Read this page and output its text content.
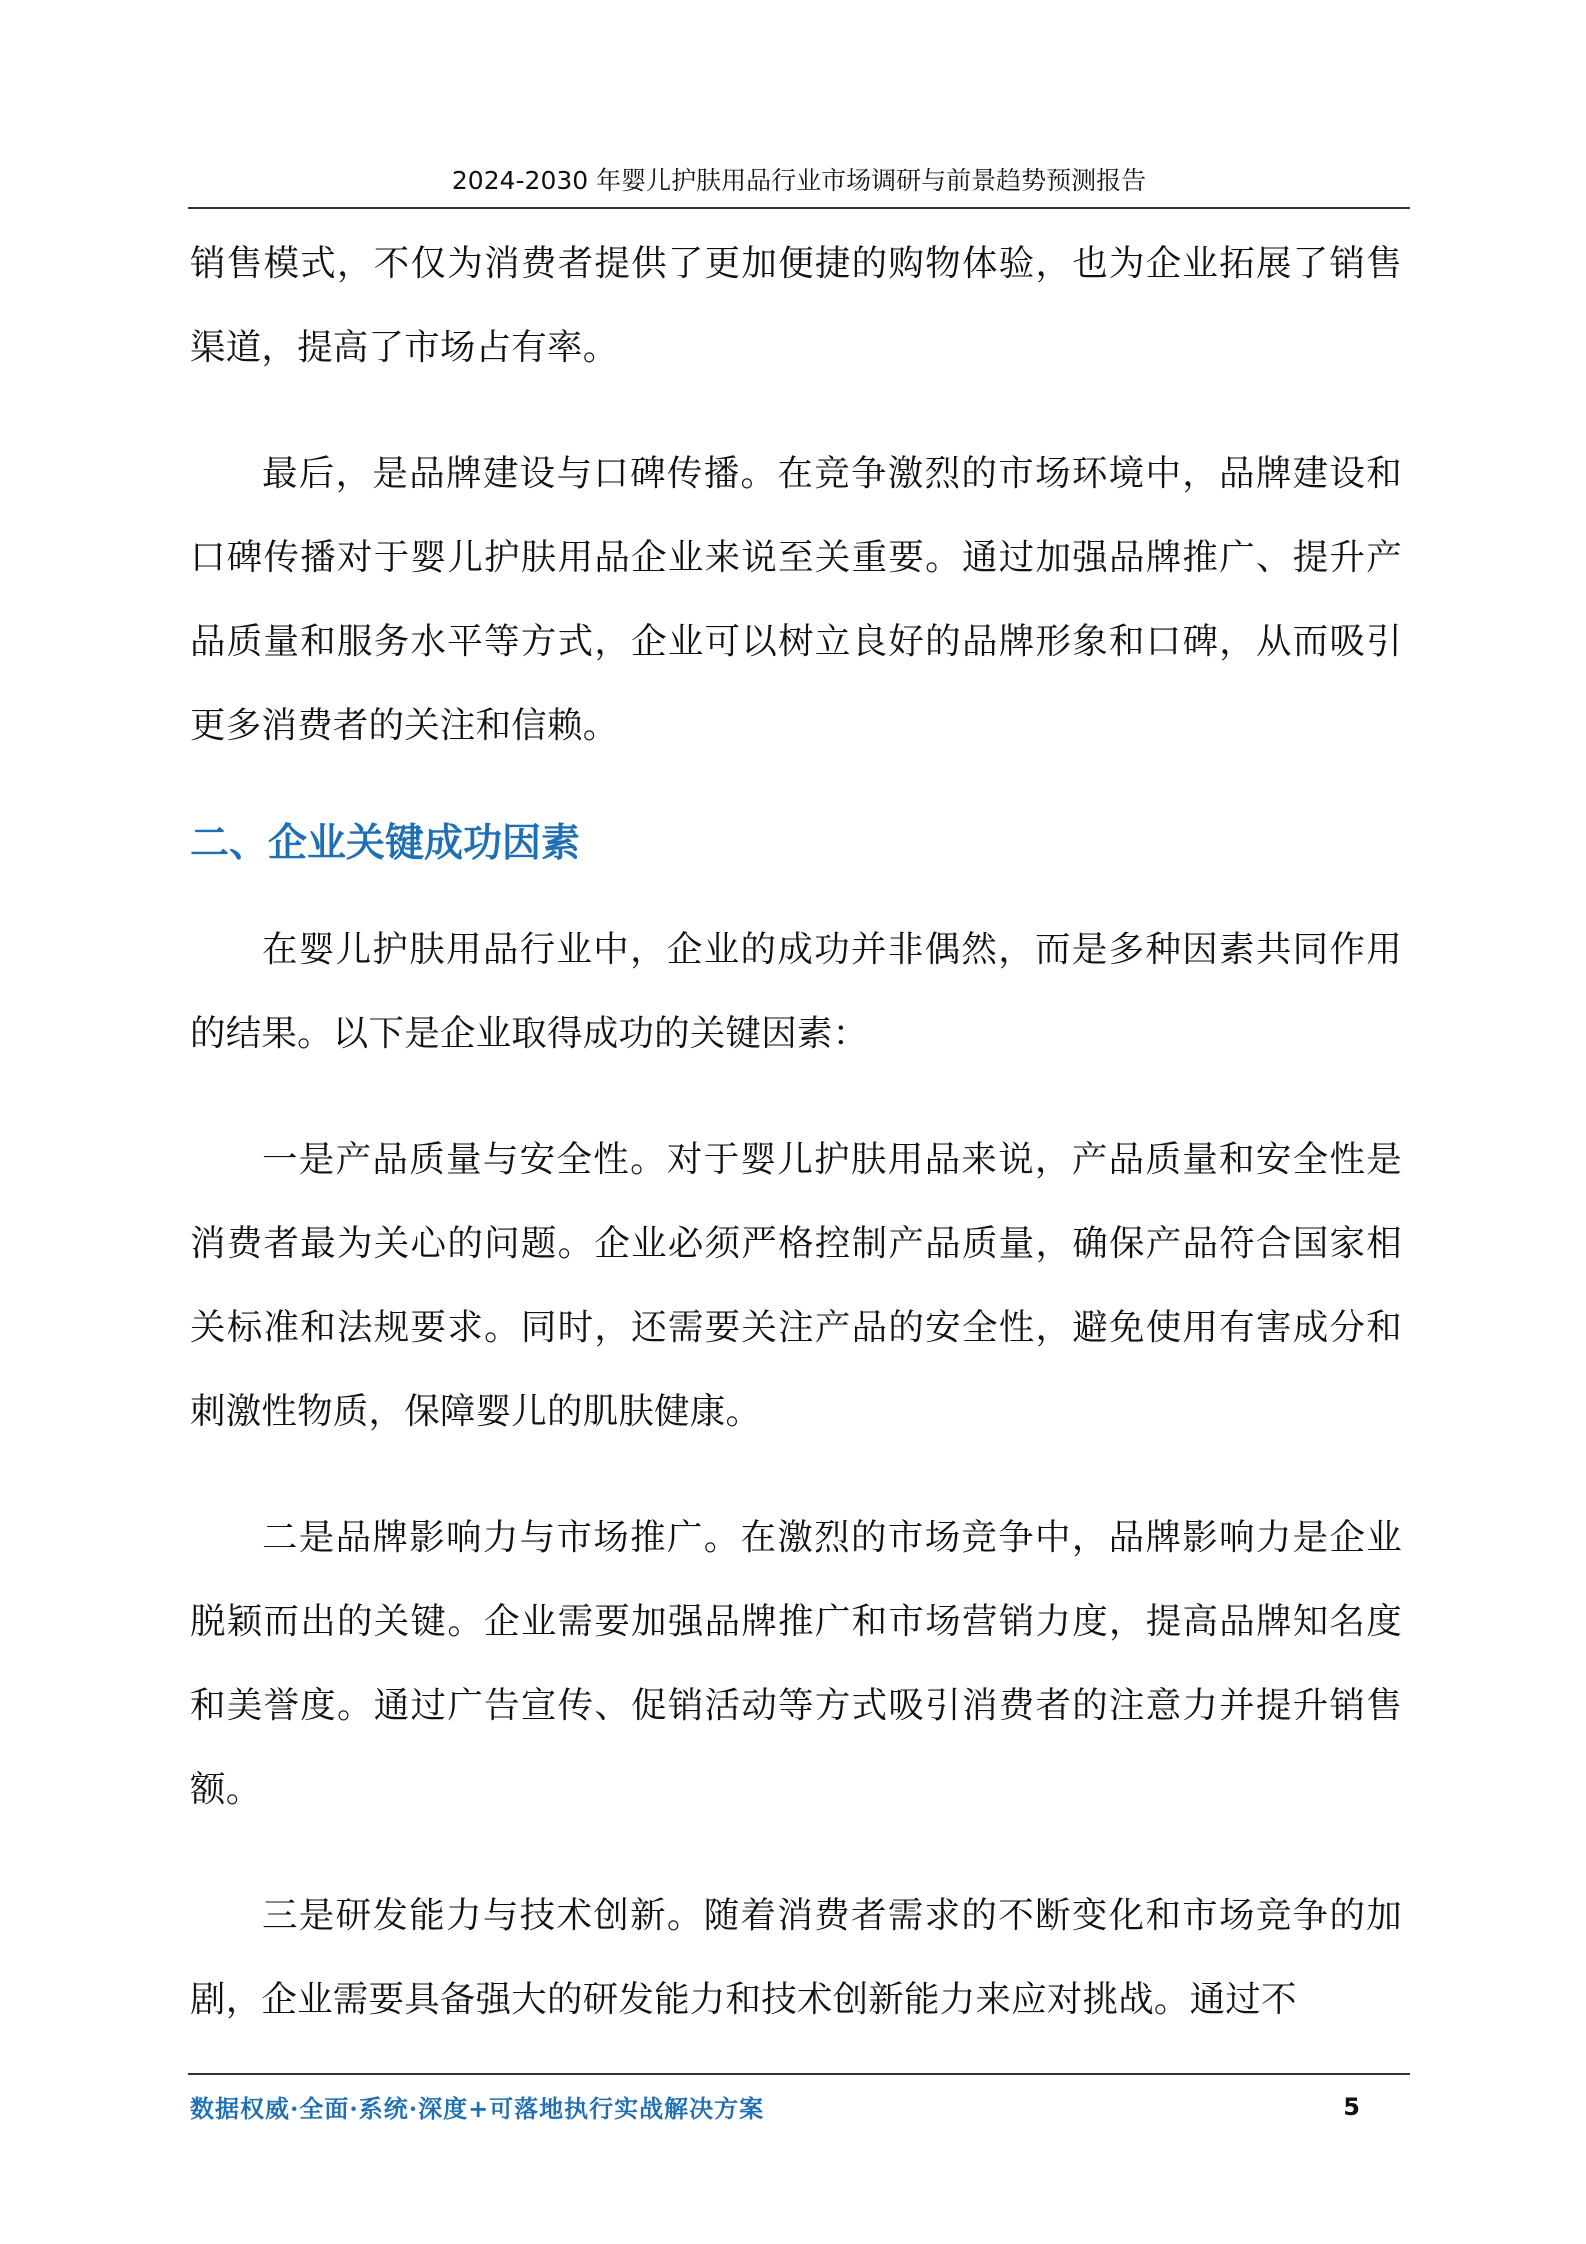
2024-2030 年婴儿护肤用品行业市场调研与前景趋势预测报告

销售模式，不仅为消费者提供了更加便捷的购物体验，也为企业拓展了销售渠道，提高了市场占有率。

最后，是品牌建设与口碑传播。在竞争激烈的市场环境中，品牌建设和口碑传播对于婴儿护肤用品企业来说至关重要。通过加强品牌推广、提升产品质量和服务水平等方式，企业可以树立良好的品牌形象和口碑，从而吸引更多消费者的关注和信赖。

二、企业关键成功因素

在婴儿护肤用品行业中，企业的成功并非偶然，而是多种因素共同作用的结果。以下是企业取得成功的关键因素：

一是产品质量与安全性。对于婴儿护肤用品来说，产品质量和安全性是消费者最为关心的问题。企业必须严格控制产品质量，确保产品符合国家相关标准和法规要求。同时，还需要关注产品的安全性，避免使用有害成分和刺激性物质，保障婴儿的肌肤健康。

二是品牌影响力与市场推广。在激烈的市场竞争中，品牌影响力是企业脱颖而出的关键。企业需要加强品牌推广和市场营销力度，提高品牌知名度和美誉度。通过广告宣传、促销活动等方式吸引消费者的注意力并提升销售额。

三是研发能力与技术创新。随着消费者需求的不断变化和市场竞争的加剧，企业需要具备强大的研发能力和技术创新能力来应对挑战。通过不

数据权威·全面·系统·深度+可落地执行实战解决方案	5
